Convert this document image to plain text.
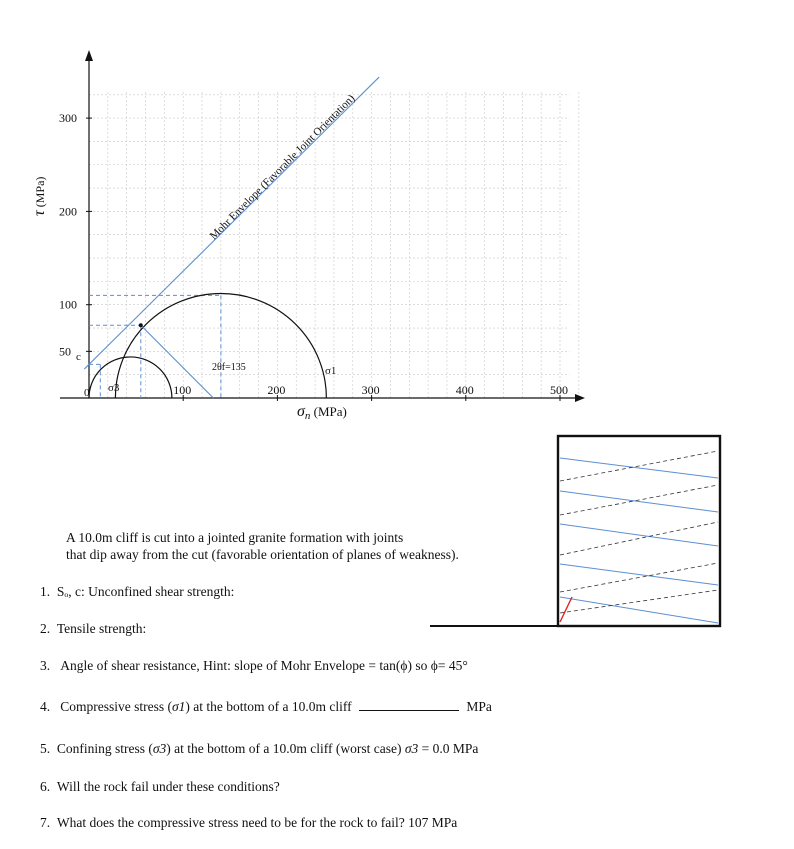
100	200	300	400	500
50
100
200
300	Mohr Envelope (Favorable Joint Orientation)
0
c
σ3
σ1
2θf=135
$\sigma_n$ (MPa)
τ (MPa)
A 10.0m cliff is cut into a jointed granite formation with joints
that dip away from the cut (favorable orientation of planes of weakness).
1. Sₒ, c: Unconfined shear strength:
2. Tensile strength:
3. Angle of shear resistance, Hint: slope of Mohr Envelope = tan(ϕ) so ϕ= 45°
4. Compressive stress (σ1) at the bottom of a 10.0m cliff	MPa
5. Confining stress (σ3) at the bottom of a 10.0m cliff (worst case) σ3 = 0.0 MPa
6. Will the rock fail under these conditions?
7. What does the compressive stress need to be for the rock to fail? 107 MPa
